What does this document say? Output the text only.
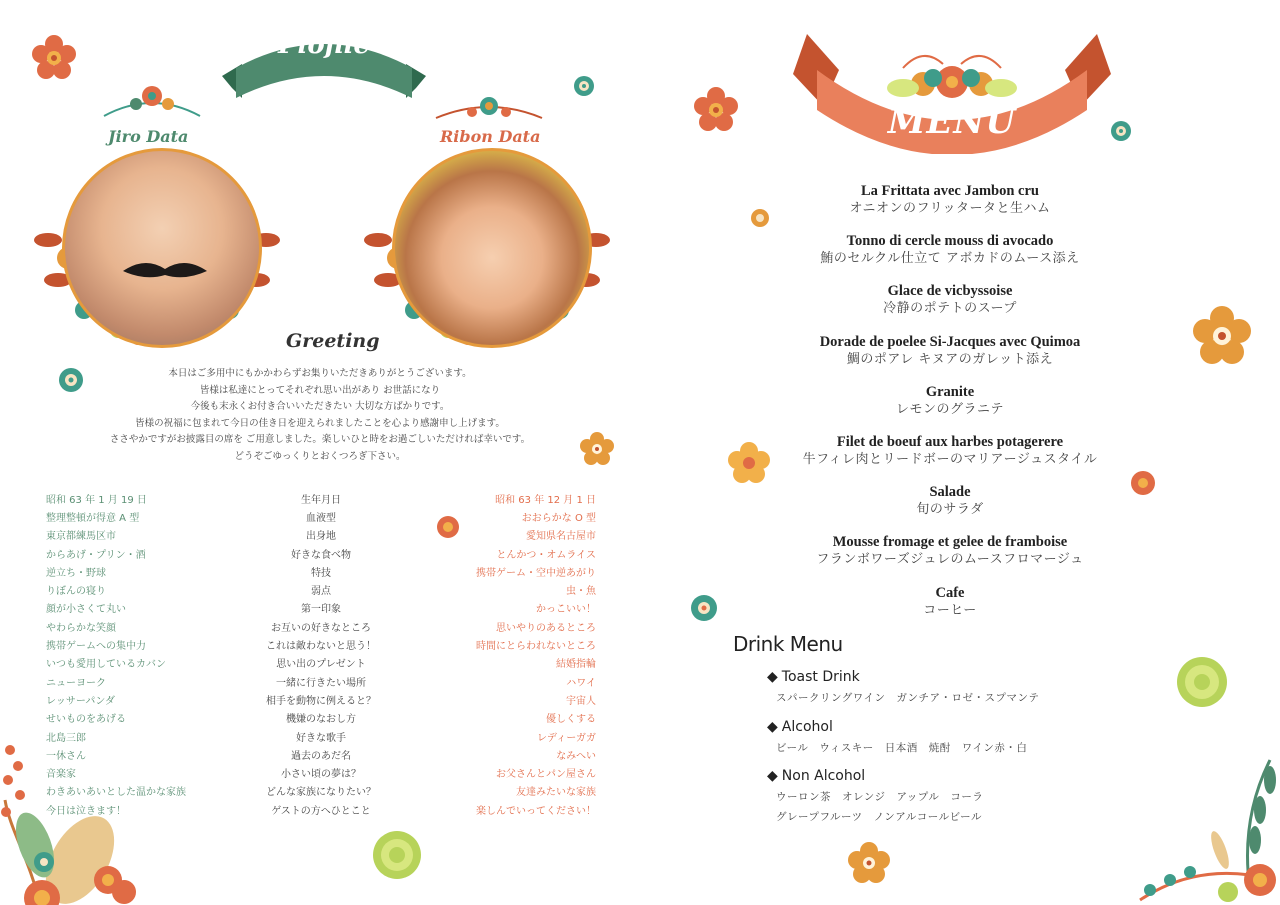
Plofile
Jiro Data	Ribon Data
Greeting
本日はご多用中にもかかわらずお集りいただきありがとうございます。
皆様は私達にとってそれぞれ思い出があり お世話になり
今後も末永くお付き合いいただきたい 大切な方ばかりです。
皆様の祝福に包まれて今日の佳き日を迎えられましたことを心より感謝申し上げます。
ささやかですがお披露目の席を ご用意しました。楽しいひと時をお過ごしいただければ幸いです。
どうぞごゆっくりとおくつろぎ下さい。
昭和 63 年 1 月 19 日	生年月日	昭和 63 年 12 月 1 日
整理整頓が得意 A 型	血液型	おおらかな O 型
東京都練馬区市	出身地	愛知県名古屋市
からあげ・プリン・酒	好きな食べ物	とんかつ・オムライス
逆立ち・野球	特技	携帯ゲーム・空中逆あがり
りぼんの寝り	弱点	虫・魚
顔が小さくて丸い	第一印象	かっこいい！
やわらかな笑顔	お互いの好きなところ	思いやりのあるところ
携帯ゲームへの集中力	これは敵わないと思う！	時間にとらわれないところ
いつも愛用しているカバン	思い出のプレゼント	結婚指輪
ニューヨーク	一緒に行きたい場所	ハワイ
レッサーパンダ	相手を動物に例えると？	宇宙人
せいものをあげる	機嫌のなおし方	優しくする
北島三郎	好きな歌手	レディーガガ
一休さん	過去のあだ名	なみへい
音楽家	小さい頃の夢は？	お父さんとパン屋さん
わきあいあいとした温かな家族	どんな家族になりたい？	友達みたいな家族
今日は泣きます！	ゲストの方へひとこと	楽しんでいってください！
MENU
La Frittata avec Jambon cru
オニオンのフリッタータと生ハム
Tonno di cercle mouss di avocado
鮪のセルクル仕立て アボカドのムース添え
Glace de vicbyssoise
冷静のポテトのスープ
Dorade de poelee Si-Jacques avec Quimoa
鯛のポアレ キヌアのガレット添え
Granite
レモンのグラニテ
Filet de boeuf aux harbes potagerere
牛フィレ肉とリードボーのマリアージュスタイル
Salade
旬のサラダ
Mousse fromage et gelee de framboise
フランボワーズジュレのムースフロマージュ
Cafe
コーヒー
Drink Menu
◆ Toast Drink
スパークリングワイン　ガンチア・ロゼ・スプマンテ
◆ Alcohol
ビール　ウィスキー　日本酒　焼酎　ワイン赤・白
◆ Non Alcohol
ウーロン茶　オレンジ　アップル　コーラ
グレープフルーツ　ノンアルコールビール
